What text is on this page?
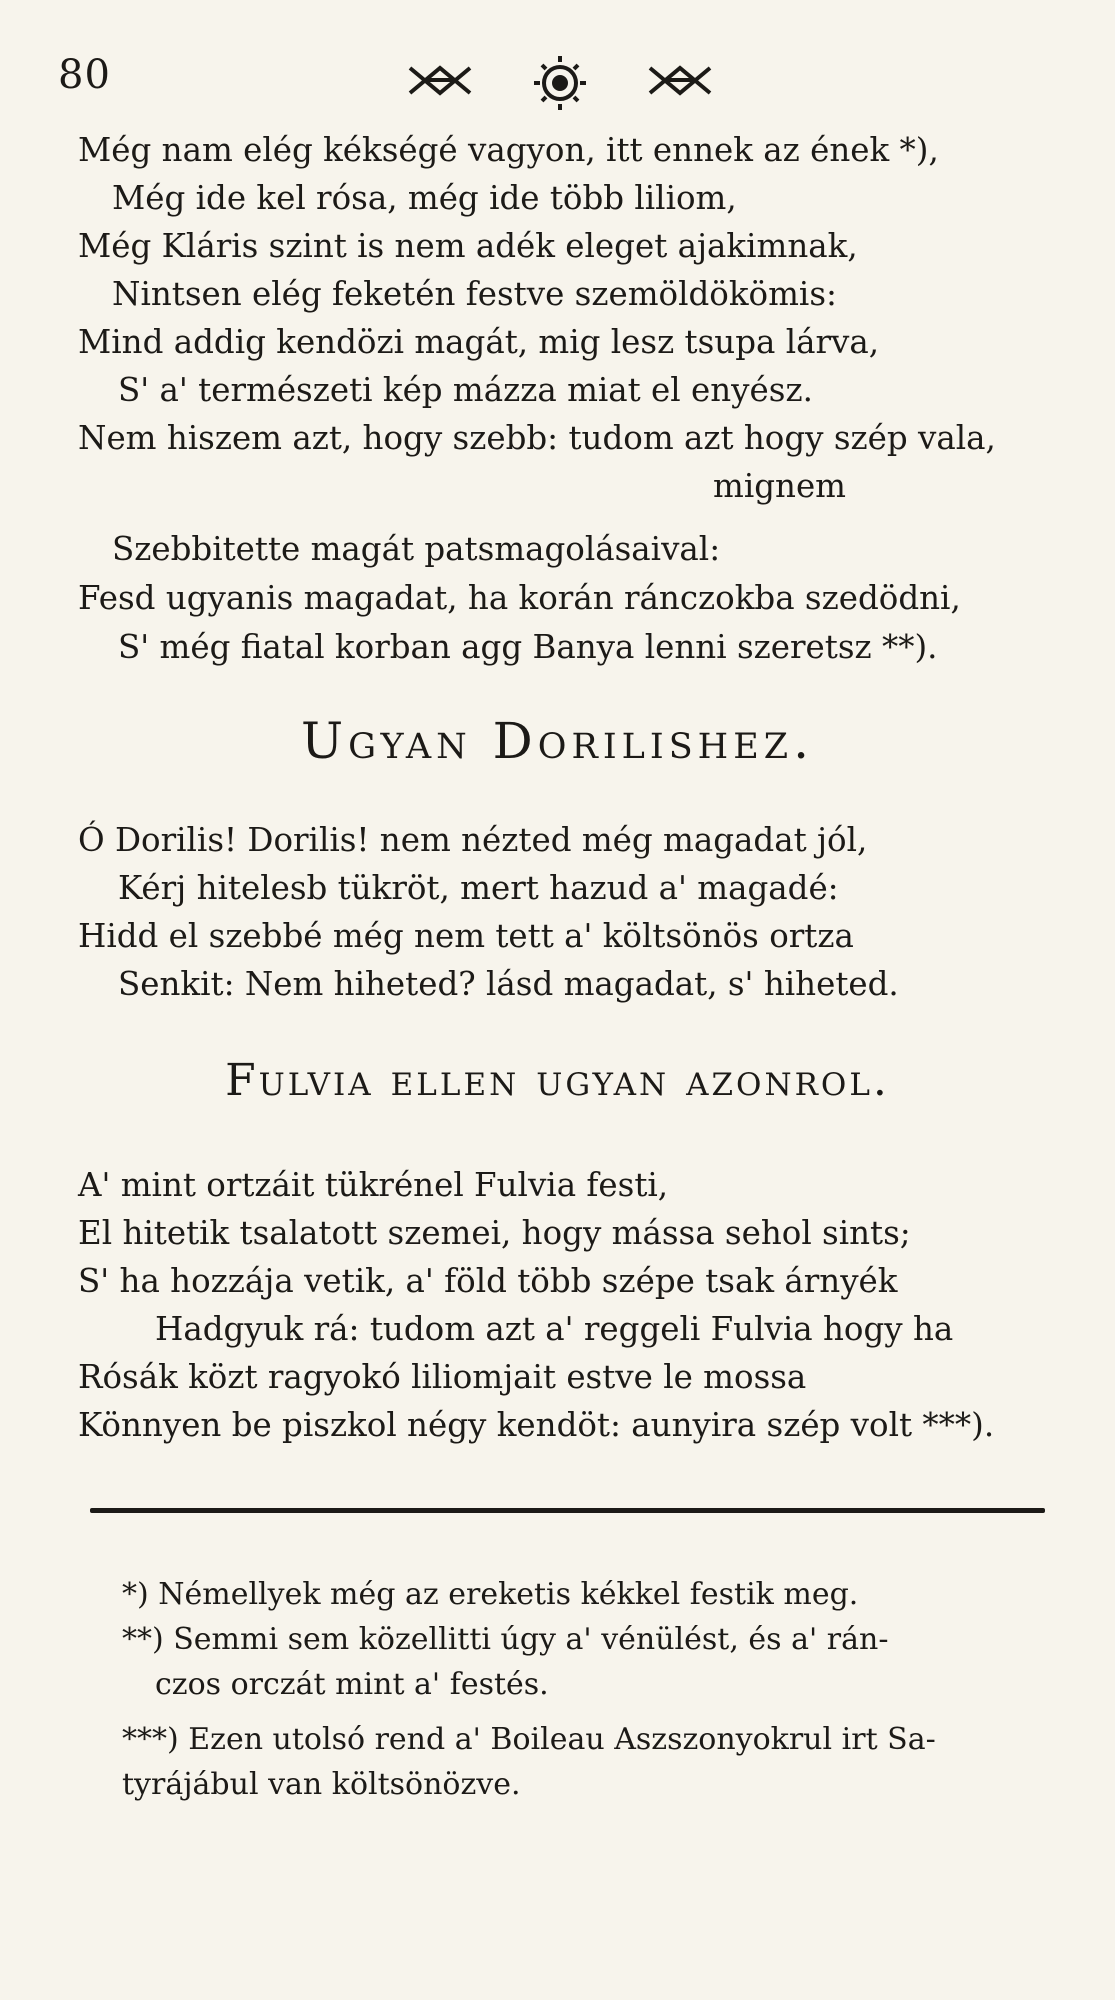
80
Még nam elég kékségé vagyon, itt ennek az ének *),
Még ide kel rósa, még ide több liliom,
Még Kláris szint is nem adék eleget ajakimnak,
Nintsen elég feketén festve szemöldökömis:
Mind addig kendözi magát, mig lesz tsupa lárva,
S' a' természeti kép mázza miat el enyész.
Nem hiszem azt, hogy szebb: tudom azt hogy szép vala,
mignem
Szebbitette magát patsmagolásaival:
Fesd ugyanis magadat, ha korán ránczokba szedödni,
S' még fiatal korban agg Banya lenni szeretsz **).
Ugyan Dorilishez.
Ó Dorilis! Dorilis! nem nézted még magadat jól,
Kérj hitelesb tükröt, mert hazud a' magadé:
Hidd el szebbé még nem tett a' költsönös ortza
Senkit: Nem hiheted? lásd magadat, s' hiheted.
Fulvia ellen ugyan azonrol.
A' mint ortzáit tükrénel Fulvia festi,
El hitetik tsalatott szemei, hogy mássa sehol sints;
S' ha hozzája vetik, a' föld több szépe tsak árnyék
Hadgyuk rá: tudom azt a' reggeli Fulvia hogy ha
Rósák közt ragyokó liliomjait estve le mossa
Könnyen be piszkol négy kendöt: aunyira szép volt ***).
*) Némellyek még az ereketis kékkel festik meg.
**) Semmi sem közellitti úgy a' vénülést, és a' rán-
czos orczát mint a' festés.
***) Ezen utolsó rend a' Boileau Aszszonyokrul irt Sa-
tyrájábul van költsönözve.
